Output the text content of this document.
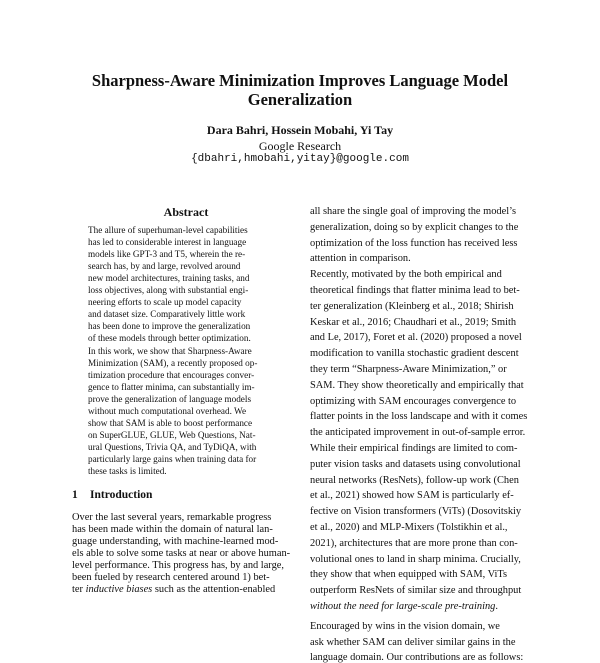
Sharpness-Aware Minimization Improves Language Model
Generalization
Dara Bahri, Hossein Mobahi, Yi Tay
Google Research
{dbahri,hmobahi,yitay}@google.com
Abstract
The allure of superhuman-level capabilities
has led to considerable interest in language
models like GPT-3 and T5, wherein the re-
search has, by and large, revolved around
new model architectures, training tasks, and
loss objectives, along with substantial engi-
neering efforts to scale up model capacity
and dataset size. Comparatively little work
has been done to improve the generalization
of these models through better optimization.
In this work, we show that Sharpness-Aware
Minimization (SAM), a recently proposed op-
timization procedure that encourages conver-
gence to flatter minima, can substantially im-
prove the generalization of language models
without much computational overhead. We
show that SAM is able to boost performance
on SuperGLUE, GLUE, Web Questions, Nat-
ural Questions, Trivia QA, and TyDiQA, with
particularly large gains when training data for
these tasks is limited.
1 Introduction
Over the last several years, remarkable progress
has been made within the domain of natural lan-
guage understanding, with machine-learned mod-
els able to solve some tasks at near or above human-
level performance. This progress has, by and large,
been fueled by research centered around 1) bet-
ter inductive biases such as the attention-enabled
all share the single goal of improving the model’s
generalization, doing so by explicit changes to the
optimization of the loss function has received less
attention in comparison.
Recently, motivated by the both empirical and
theoretical findings that flatter minima lead to bet-
ter generalization (Kleinberg et al., 2018; Shirish
Keskar et al., 2016; Chaudhari et al., 2019; Smith
and Le, 2017), Foret et al. (2020) proposed a novel
modification to vanilla stochastic gradient descent
they term “Sharpness-Aware Minimization,” or
SAM. They show theoretically and empirically that
optimizing with SAM encourages convergence to
flatter points in the loss landscape and with it comes
the anticipated improvement in out-of-sample error.
While their empirical findings are limited to com-
puter vision tasks and datasets using convolutional
neural networks (ResNets), follow-up work (Chen
et al., 2021) showed how SAM is particularly ef-
fective on Vision transformers (ViTs) (Dosovitskiy
et al., 2020) and MLP-Mixers (Tolstikhin et al.,
2021), architectures that are more prone than con-
volutional ones to land in sharp minima. Crucially,
they show that when equipped with SAM, ViTs
outperform ResNets of similar size and throughput
without the need for large-scale pre-training.
Encouraged by wins in the vision domain, we
ask whether SAM can deliver similar gains in the
language domain. Our contributions are as follows:
